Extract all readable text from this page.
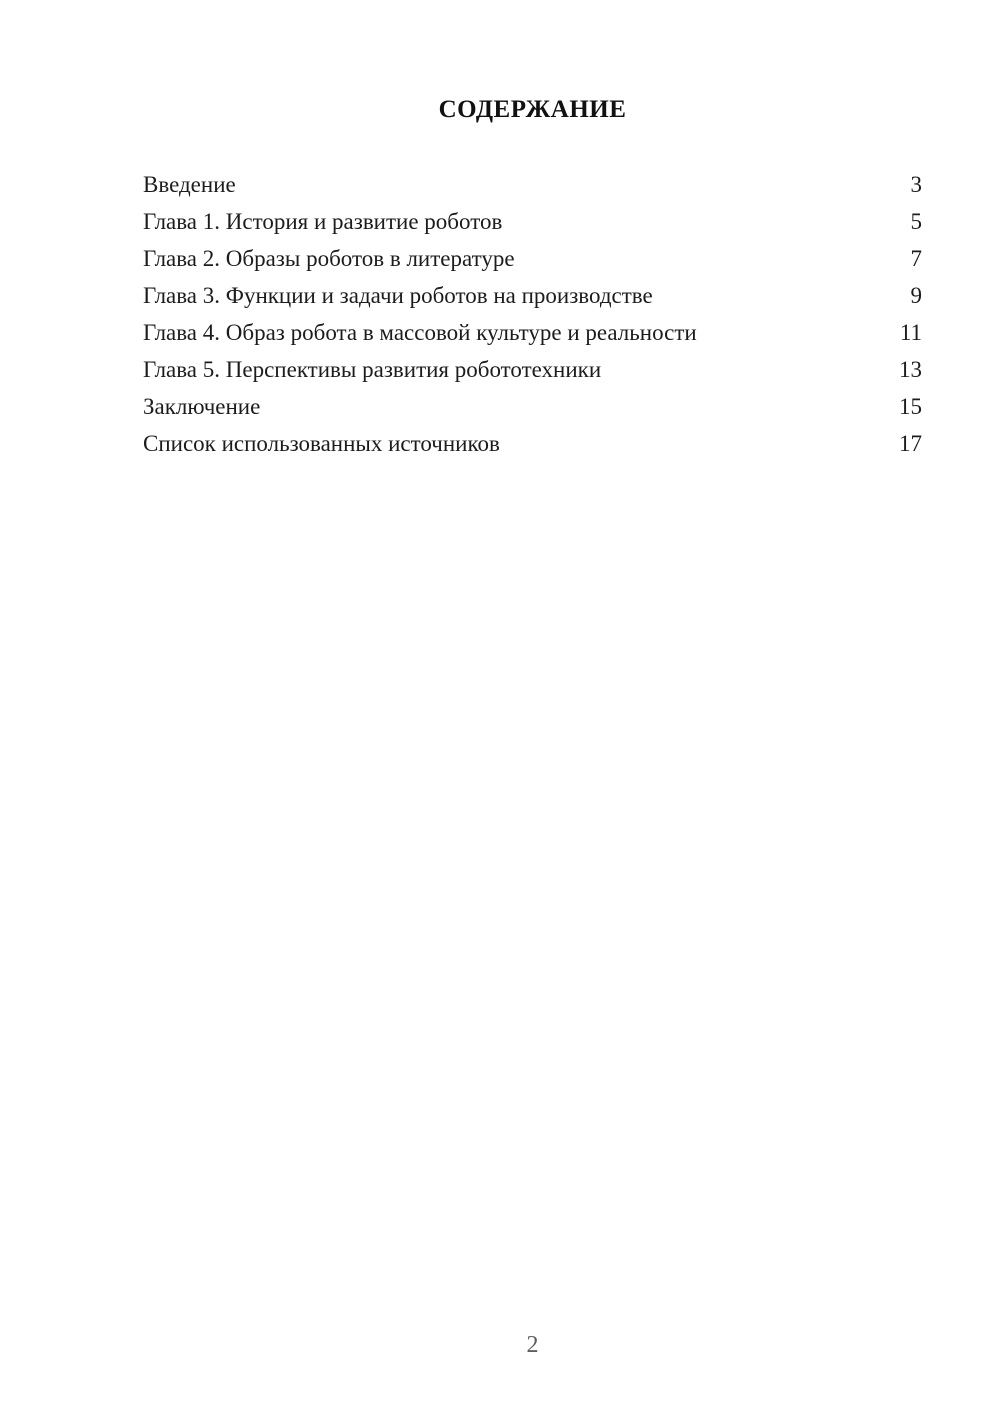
СОДЕРЖАНИЕ
Введение	3
Глава 1. История и развитие роботов	5
Глава 2. Образы роботов в литературе	7
Глава 3. Функции и задачи роботов на производстве	9
Глава 4. Образ робота в массовой культуре и реальности	11
Глава 5. Перспективы развития робототехники	13
Заключение	15
Список использованных источников	17
2
